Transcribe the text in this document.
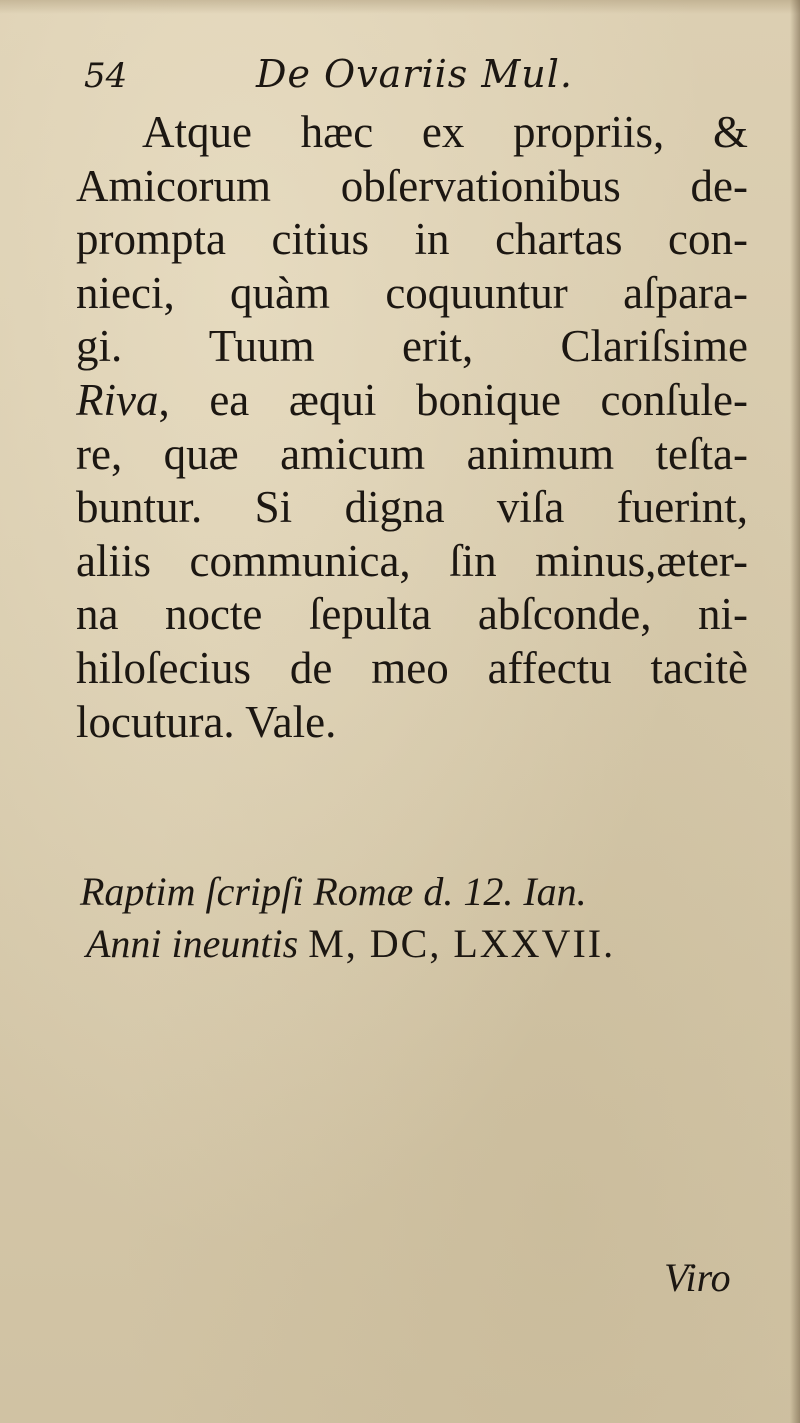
54	De Ovariis Mul.
Atque hæc ex propriis, &
Amicorum obſervationibus de-
prompta citius in chartas con-
nieci, quàm coquuntur aſpara-
gi. Tuum erit, Clariſsime
Riva, ea æqui bonique conſule-
re, quæ amicum animum teſta-
buntur. Si digna viſa fuerint,
aliis communica, ſin minus,æter-
na nocte ſepulta abſconde, ni-
hiloſecius de meo affectu tacitè
locutura. Vale.
Raptim ſcripſi Romæ d. 12. Ian.
Anni ineuntis M, DC, LXXVII.
Viro
